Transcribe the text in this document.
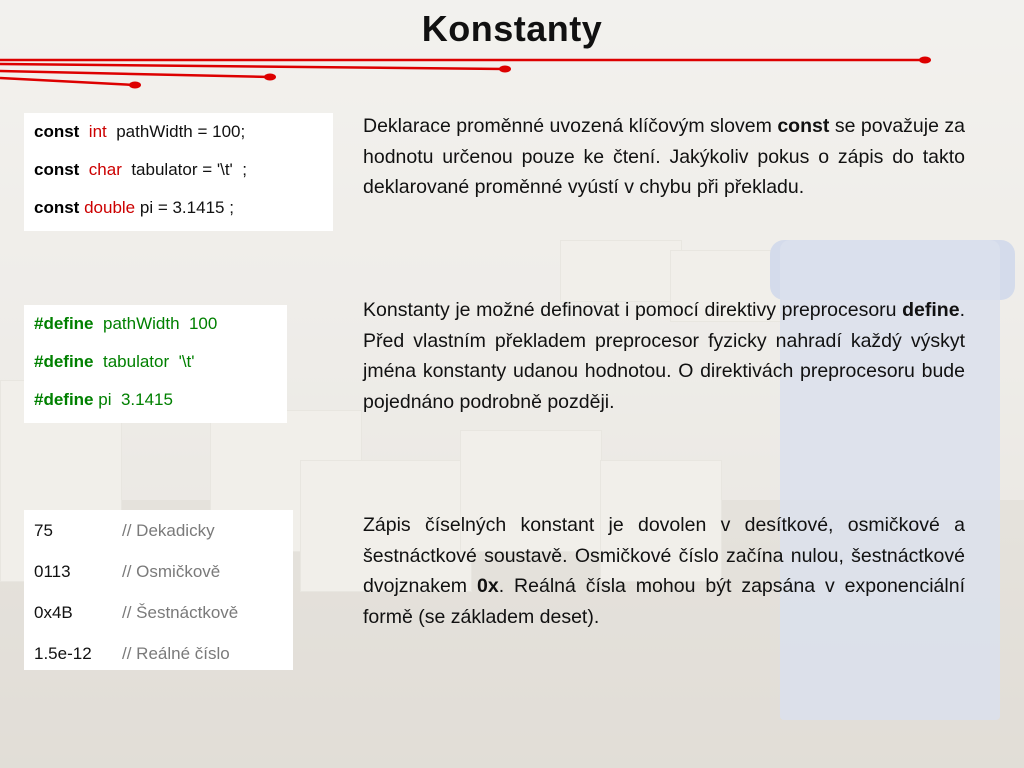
Konstanty
const int pathWidth = 100;
const char tabulator = '\t'  ;
const double pi = 3.1415 ;
#define pathWidth  100
#define tabulator  '\t'
#define pi  3.1415
75	// Dekadicky
0113	// Osmičkově
0x4B	// Šestnáctkově
1.5e-12 // Reálné číslo
Deklarace proměnné uvozená klíčovým slovem const se považuje za hodnotu určenou pouze ke čtení. Jakýkoliv pokus o zápis do takto deklarované proměnné vyústí v chybu při překladu.
Konstanty je možné definovat i pomocí direktivy preprocesoru define. Před vlastním překladem preprocesor fyzicky nahradí každý výskyt jména konstanty udanou hodnotou. O direktivách preprocesoru bude pojednáno podrobně později.
Zápis číselných konstant je dovolen v desítkové, osmičkové a šestnáctkové soustavě. Osmičkové číslo začína nulou, šestnáctkové dvojznakem 0x. Reálná čísla mohou být zapsána v exponenciální formě (se základem deset).
